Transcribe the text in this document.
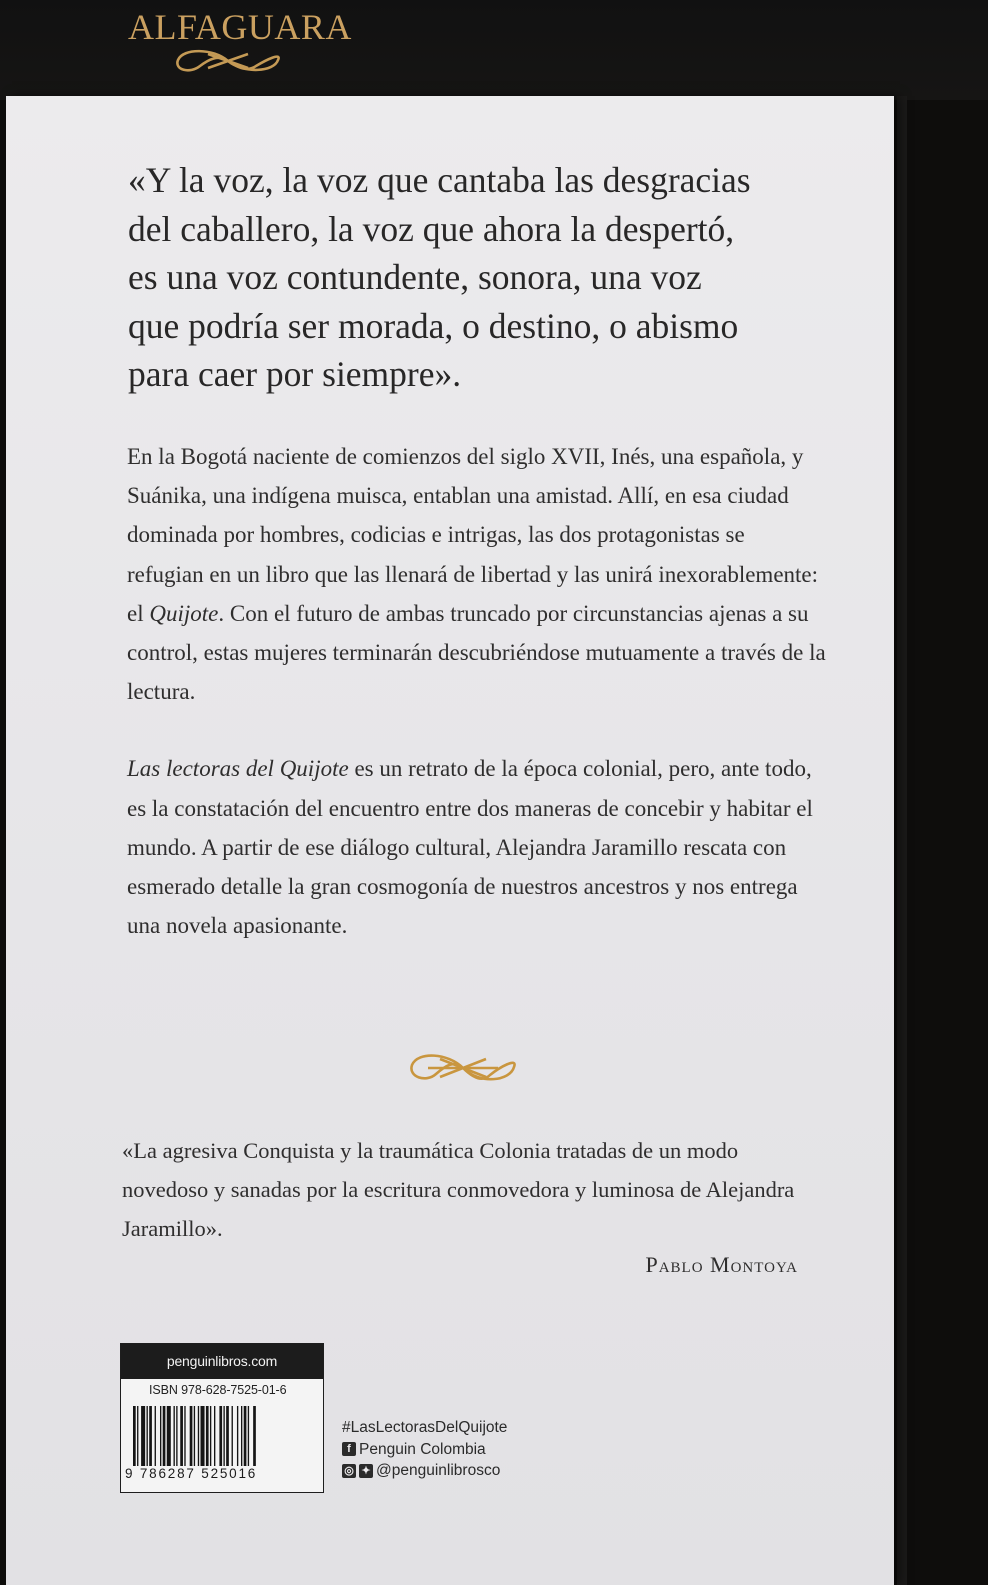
ALFAGUARA
«Y la voz, la voz que cantaba las desgracias
del caballero, la voz que ahora la despertó,
es una voz contundente, sonora, una voz
que podría ser morada, o destino, o abismo
para caer por siempre».

En la Bogotá naciente de comienzos del siglo XVII, Inés, una española, y Suánika, una indígena muisca, entablan una amistad. Allí, en esa ciudad dominada por hombres, codicias e intrigas, las dos protagonistas se refugian en un libro que las llenará de libertad y las unirá inexorablemente: el Quijote. Con el futuro de ambas truncado por circunstancias ajenas a su control, estas mujeres terminarán descubriéndose mutuamente a través de la lectura.

Las lectoras del Quijote es un retrato de la época colonial, pero, ante todo, es la constatación del encuentro entre dos maneras de concebir y habitar el mundo. A partir de ese diálogo cultural, Alejandra Jaramillo rescata con esmerado detalle la gran cosmogonía de nuestros ancestros y nos entrega una novela apasionante.

«La agresiva Conquista y la traumática Colonia tratadas de un modo novedoso y sanadas por la escritura conmovedora y luminosa de Alejandra Jaramillo».
Pablo Montoya
penguinlibros.com
ISBN 978-628-7525-01-6
9 786287 525016
#LasLectorasDelQuijote
f Penguin Colombia
◎ ✦ @penguinlibrosco
